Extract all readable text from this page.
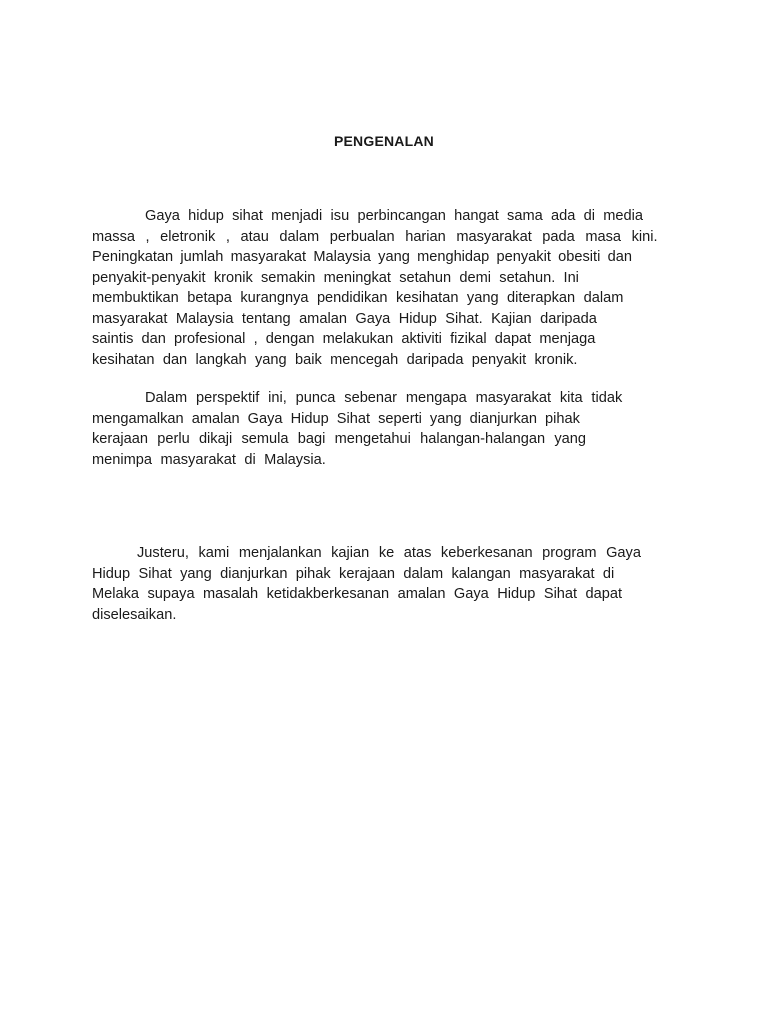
PENGENALAN

Gaya hidup sihat menjadi isu perbincangan hangat sama ada di media
massa , eletronik , atau dalam perbualan harian masyarakat pada masa kini.
Peningkatan jumlah masyarakat Malaysia yang menghidap penyakit obesiti dan
penyakit-penyakit kronik semakin meningkat setahun demi setahun. Ini
membuktikan betapa kurangnya pendidikan kesihatan yang diterapkan dalam
masyarakat Malaysia tentang amalan Gaya Hidup Sihat. Kajian daripada
saintis dan profesional , dengan melakukan aktiviti fizikal dapat menjaga
kesihatan dan langkah yang baik mencegah daripada penyakit kronik.

Dalam perspektif ini, punca sebenar mengapa masyarakat kita tidak
mengamalkan amalan Gaya Hidup Sihat seperti yang dianjurkan pihak
kerajaan perlu dikaji semula bagi mengetahui halangan-halangan yang
menimpa masyarakat di Malaysia.

Justeru, kami menjalankan kajian ke atas keberkesanan program Gaya
Hidup Sihat yang dianjurkan pihak kerajaan dalam kalangan masyarakat di
Melaka supaya masalah ketidakberkesanan amalan Gaya Hidup Sihat dapat
diselesaikan.
